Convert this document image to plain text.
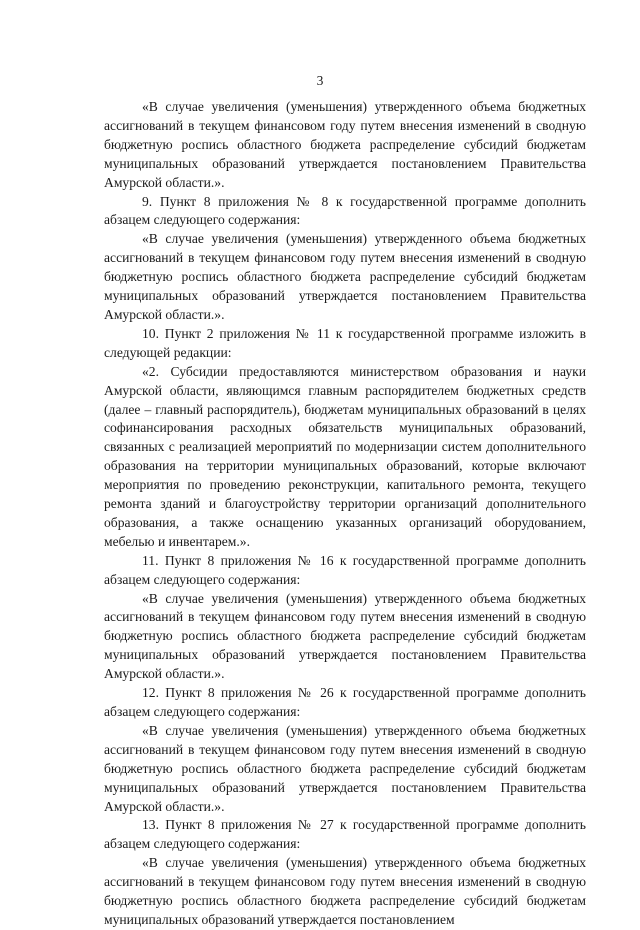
3

«В случае увеличения (уменьшения) утвержденного объема бюджетных ассигнований в текущем финансовом году путем внесения изменений в сводную бюджетную роспись областного бюджета распределение субсидий бюджетам муниципальных образований утверждается постановлением Правительства Амурской области.».

9. Пункт 8 приложения № 8 к государственной программе дополнить абзацем следующего содержания:

«В случае увеличения (уменьшения) утвержденного объема бюджетных ассигнований в текущем финансовом году путем внесения изменений в сводную бюджетную роспись областного бюджета распределение субсидий бюджетам муниципальных образований утверждается постановлением Правительства Амурской области.».

10. Пункт 2 приложения № 11 к государственной программе изложить в следующей редакции:

«2. Субсидии предоставляются министерством образования и науки Амурской области, являющимся главным распорядителем бюджетных средств (далее – главный распорядитель), бюджетам муниципальных образований в целях софинансирования расходных обязательств муниципальных образований, связанных с реализацией мероприятий по модернизации систем дополнительного образования на территории муниципальных образований, которые включают мероприятия по проведению реконструкции, капитального ремонта, текущего ремонта зданий и благоустройству территории организаций дополнительного образования, а также оснащению указанных организаций оборудованием, мебелью и инвентарем.».

11. Пункт 8 приложения № 16 к государственной программе дополнить абзацем следующего содержания:

«В случае увеличения (уменьшения) утвержденного объема бюджетных ассигнований в текущем финансовом году путем внесения изменений в сводную бюджетную роспись областного бюджета распределение субсидий бюджетам муниципальных образований утверждается постановлением Правительства Амурской области.».

12. Пункт 8 приложения № 26 к государственной программе дополнить абзацем следующего содержания:

«В случае увеличения (уменьшения) утвержденного объема бюджетных ассигнований в текущем финансовом году путем внесения изменений в сводную бюджетную роспись областного бюджета распределение субсидий бюджетам муниципальных образований утверждается постановлением Правительства Амурской области.».

13. Пункт 8 приложения № 27 к государственной программе дополнить абзацем следующего содержания:

«В случае увеличения (уменьшения) утвержденного объема бюджетных ассигнований в текущем финансовом году путем внесения изменений в сводную бюджетную роспись областного бюджета распределение субсидий бюджетам муниципальных образований утверждается постановлением
